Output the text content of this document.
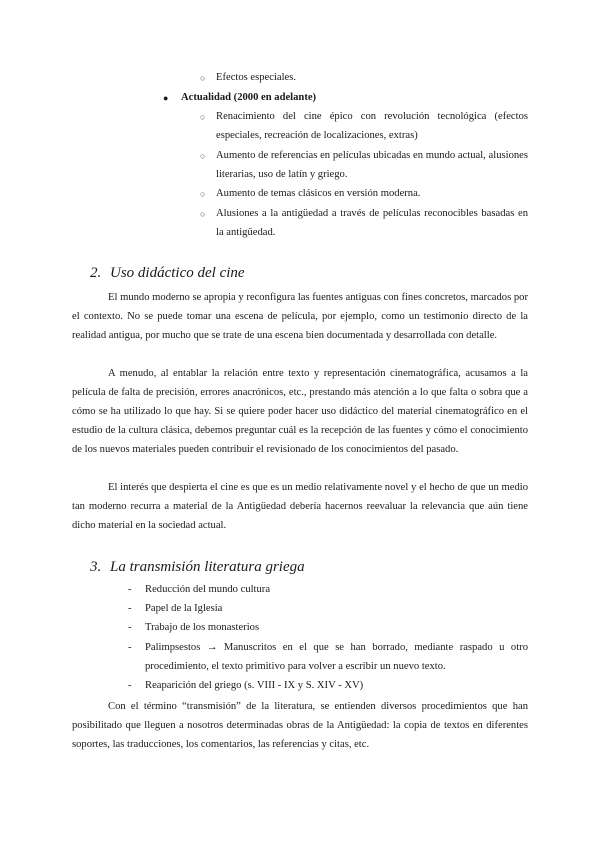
○ Efectos especiales.
● Actualidad (2000 en adelante)
○ Renacimiento del cine épico con revolución tecnológica (efectos especiales, recreación de localizaciones, extras)
○ Aumento de referencias en películas ubicadas en mundo actual, alusiones literarias, uso de latín y griego.
○ Aumento de temas clásicos en versión moderna.
○ Alusiones a la antigüedad a través de películas reconocibles basadas en la antigüedad.
2. Uso didáctico del cine
El mundo moderno se apropia y reconfigura las fuentes antiguas con fines concretos, marcados por el contexto. No se puede tomar una escena de película, por ejemplo, como un testimonio directo de la realidad antigua, por mucho que se trate de una escena bien documentada y desarrollada con detalle.
A menudo, al entablar la relación entre texto y representación cinematográfica, acusamos a la película de falta de precisión, errores anacrónicos, etc., prestando más atención a lo que falta o sobra que a cómo se ha utilizado lo que hay. Si se quiere poder hacer uso didáctico del material cinematográfico en el estudio de la cultura clásica, debemos preguntar cuál es la recepción de las fuentes y cómo el conocimiento de los nuevos materiales pueden contribuir el revisionado de los conocimientos del pasado.
El interés que despierta el cine es que es un medio relativamente novel y el hecho de que un medio tan moderno recurra a material de la Antigüedad debería hacernos reevaluar la relevancia que aún tiene dicho material en la sociedad actual.
3. La transmisión literatura griega
- Reducción del mundo cultura
- Papel de la Iglesia
- Trabajo de los monasterios
- Palimpsestos → Manuscritos en el que se han borrado, mediante raspado u otro procedimiento, el texto primitivo para volver a escribir un nuevo texto.
- Reaparición del griego (s. VIII - IX y S. XIV - XV)
Con el término “transmisión” de la literatura, se entienden diversos procedimientos que han posibilitado que lleguen a nosotros determinadas obras de la Antigüedad: la copia de textos en diferentes soportes, las traducciones, los comentarios, las referencias y citas, etc.
